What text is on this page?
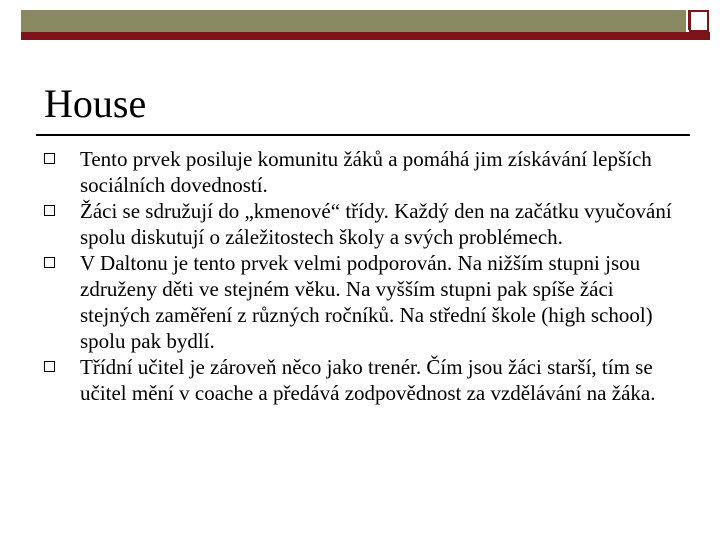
House
Tento prvek posiluje komunitu žáků a pomáhá jim získávání lepších sociálních dovedností.
Žáci se sdružují do „kmenové“ třídy. Každý den na začátku vyučování spolu diskutují o záležitostech školy a svých problémech.
V Daltonu je tento prvek velmi podporován. Na nižším stupni jsou združeny děti ve stejném věku. Na vyšším stupni pak spíše žáci stejných zaměření z různých ročníků. Na střední škole (high school) spolu pak bydlí.
Třídní učitel je zároveň něco jako trenér. Čím jsou žáci starší, tím se učitel mění v coache a předává zodpovědnost za vzdělávání na žáka.
